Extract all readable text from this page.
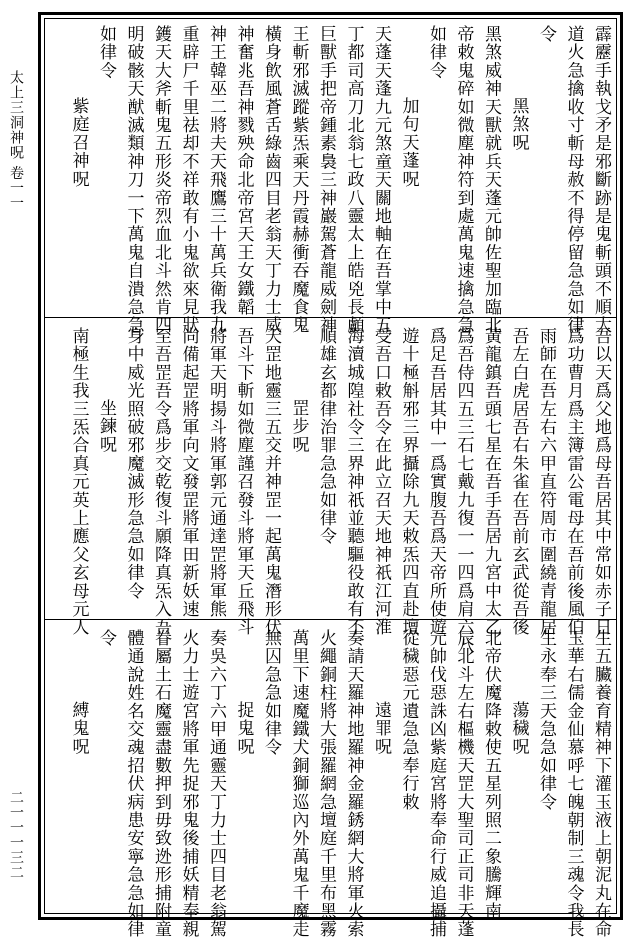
太上三洞神呪 卷一一
二一一一三二
霹靂手執戈矛是邪斷跡是鬼斬頭不順大
道火急擒收寸斬母赦不得停留急急如律
令
黑煞呪
黑煞威神天獸就兵天蓬元帥佐聖加臨北
帝敕鬼碎如微塵神符到處萬鬼速擒急急
如律令
加句天蓬呪
天蓬天蓬九元煞童天關地軸在吾掌中五
丁都司高刀北翁七政八靈太上皓兇長顱
巨獸手把帝鍾素裊三神巖駕蒼龍威劍神
王斬邪滅蹤紫炁乘天丹霞赫衝吞魔食鬼
橫身飲風蒼舌綠齒四目老翁天丁力士威
神奮兆吾神戮殃命北帝宮天王女鐵韜
神王韓巫二將夫天飛鷹三十萬兵衛我九
重辟尸千里祛却不祥敢有小鬼欲來見狀
鑊天大斧斬鬼五形炎帝烈血北斗然肯四
明破骸天猷滅類神刀一下萬鬼自潰急急
如律令
紫庭召神呪
吾以天爲父地爲母吾居其中常如赤子日
爲功曹月爲主簿雷公電母在吾前後風伯
雨師在吾左右六甲直符周市圍繞青龍居
吾左白虎居吾右朱雀在吾前玄武從吾後
黃龍鎮吾頭七星在吾手吾居九宮中太乙
爲吾侍四五三石七戴九復一一四爲肩六八
爲足吾居其中一爲實腹吾爲天帝所使遊
遊十極斛邪三界攝除九天敕炁四直赴壇
受吾口敕吾令在此立召天地神祇江河淮
海瀆城隍社令三界神祇並聽驅役敢有不
順雄玄都律治罪急急如律令
罡步呪
天罡地靈三五交并神罡一起萬鬼潛形伏
吾斗下斬如微塵謹召發斗將軍天丘飛斗
將軍天明揚斗將軍郭元通達罡將軍熊
尚備起罡將軍向文發罡將軍田新妖速
至吾罡吾令爲步交乾復斗願降真炁入吾
身中威光照破邪魔滅形急急如律令
坐鍊呪
南極生我三炁合真元英上應父玄母元人
生五臟養育精神下灌玉液上朝泥丸在命
玉華右儒金仙慕呼七魄朝制三魂令我長
生永奉三天急急如律令
蕩穢呪
北帝伏魔降敕使五星列照二象騰輝南
辰北斗左右樞機天罡大聖司正司非天蓬
元帥伐惡誅凶紫庭宮將奉命行威追攝捕
從穢惡元遺急急奉行敕
遠罪呪
奏請天羅神地羅神金羅銹網大將軍火索
火繩銅柱將大張羅網急壇庭千里布黑霧
萬里下速魔鐵犬銅獅巡內外萬鬼千魔走
無囚急急如律令
捉鬼呪
奏吳六丁六甲通靈天丁力士四目老翁駕
火力士遊宮將軍先捉邪鬼後捕妖精奉親
眷屬土石魔靈盡數押到毋致迯形捕附童
體通說姓名交魂招伏病患安寧急急如律
令
縛鬼呪
